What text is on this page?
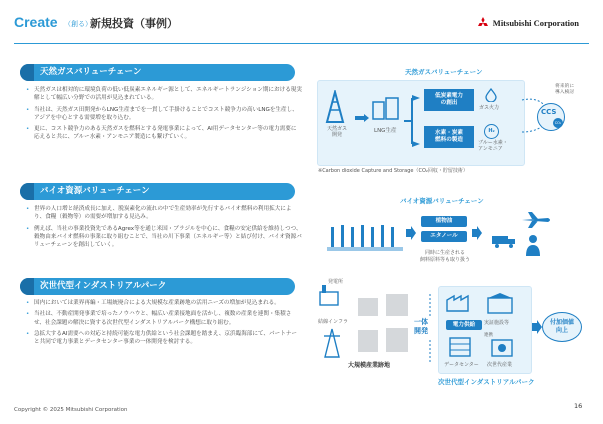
Create （創る）
新規投資（事例）	Mitsubishi Corporation
天然ガスバリューチェーン
• 天然ガスは相対的に環境負荷の低い低炭素エネルギー源として、エネルギートランジション期における現実解として幅広い分野での活用が見込まれている。
• 当社は、天然ガス田開発からLNG生産までを一貫して手掛けることでコスト競争力の高いLNGを生産し、アジアを中心とする需要増を取り込む。
• 更に、コスト競争力のある天然ガスを燃料とする発電事業によって、AI用データセンター等の電力需要に応えると共に、ブルー水素・アンモニア製造にも繋げていく。
バイオ資源バリューチェーン
• 世界の人口増と経済成長に加え、脱炭素化の流れの中で生産効率が先行するバイオ燃料の利用拡大により、食糧（穀物等）の需要が増加する見込み。
• 例えば、当社の事業投資先であるAgrex等を通じ米国・ブラジルを中心に、食糧の安定供給を維持しつつ、穀物由来バイオ燃料の事業に取り組むことで、当社の川下事業（エネルギー等）と結び付け、バイオ資源バリューチェーンを創出していく。
次世代型インダストリアルパーク
• 国内においては業界再編・工場統廃合による大規模な産業跡地の活用ニーズの増加が見込まれる。
• 当社は、不動産開発事業で培ったノウハウと、幅広い産業接地面を活かし、複数の産業を連関・集積させ、社会課題の解決に資する次世代型インダストリアルパーク構想に取り組む。
• 急拡大するAI需要への対応と持続可能な電力供給という社会課題を踏まえ、京浜臨海部にて、パートナーと共同で電力事業とデータセンター事業の一体開発を検討する。
天然ガスバリューチェーン
天然ガス
開発
LNG生産
低炭素電力
の創出
水素・炭素
燃料の製造
ガス火力
H₂
ブルー水素・
アンモニア
将来的に
導入検討
CCS
CO₂
※Carbon dioxide Capture and Storage（CO₂回収・貯留技術）
バイオ資源バリューチェーン
植物油
エタノール
同時に生産される
飼料原料等も取り扱う
発電所
結線インフラ
大規模産業跡地
一体
開発
電力供給	実証施設等
連携
データセンター 次世代産業
付加価値
向上
次世代型インダストリアルパーク
Copyright © 2025 Mitsubishi Corporation	16
